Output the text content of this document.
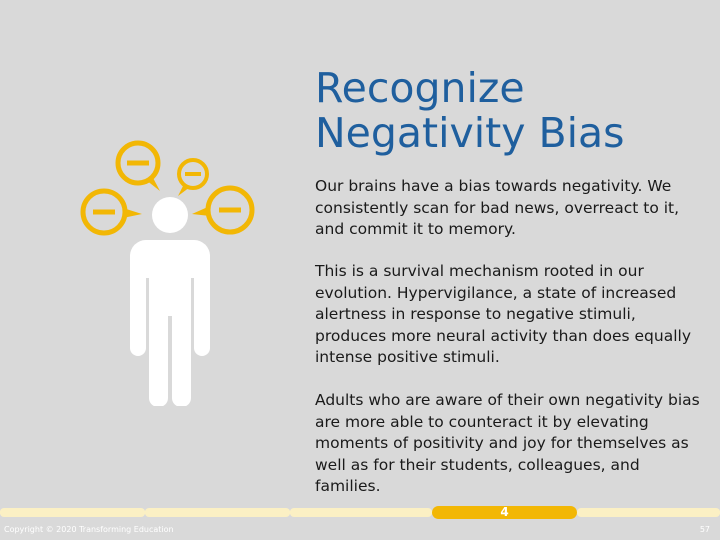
Recognize
Negativity Bias

Our brains have a bias towards negativity. We consistently scan for bad news, overreact to it, and commit it to memory.

This is a survival mechanism rooted in our evolution. Hypervigilance, a state of increased alertness in response to negative stimuli, produces more neural activity than does equally intense positive stimuli.

Adults who are aware of their own negativity bias are more able to counteract it by elevating moments of positivity and joy for themselves as well as for their students, colleagues, and families.

4
Copyright © 2020 Transforming Education	57
